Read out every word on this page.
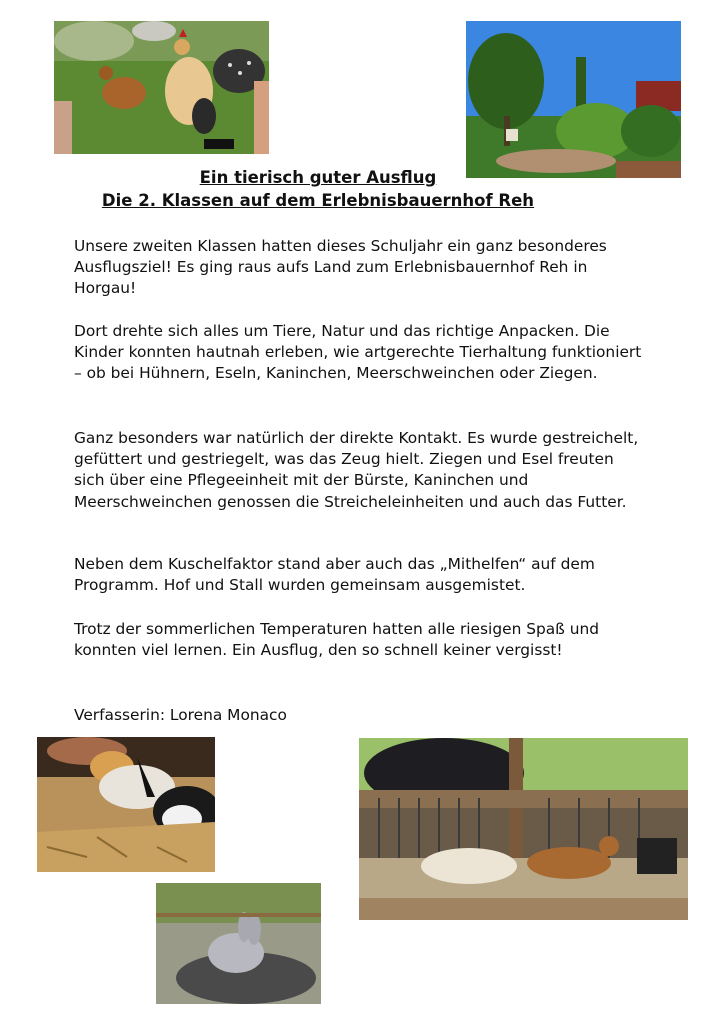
Ein tierisch guter Ausflug

Die 2. Klassen auf dem Erlebnisbauernhof Reh

Unsere zweiten Klassen hatten dieses Schuljahr ein ganz besonderes Ausflugsziel! Es ging raus aufs Land zum Erlebnisbauernhof Reh in Horgau!

Dort drehte sich alles um Tiere, Natur und das richtige Anpacken. Die Kinder konnten hautnah erleben, wie artgerechte Tierhaltung funktioniert – ob bei Hühnern, Eseln, Kaninchen, Meerschweinchen oder Ziegen.

Ganz besonders war natürlich der direkte Kontakt. Es wurde gestreichelt, gefüttert und gestriegelt, was das Zeug hielt. Ziegen und Esel freuten sich über eine Pflegeeinheit mit der Bürste, Kaninchen und Meerschweinchen genossen die Streicheleinheiten und auch das Futter.

Neben dem Kuschelfaktor stand aber auch das „Mithelfen“ auf dem Programm. Hof und Stall wurden gemeinsam ausgemistet.

Trotz der sommerlichen Temperaturen hatten alle riesigen Spaß und konnten viel lernen. Ein Ausflug, den so schnell keiner vergisst!

Verfasserin: Lorena Monaco
